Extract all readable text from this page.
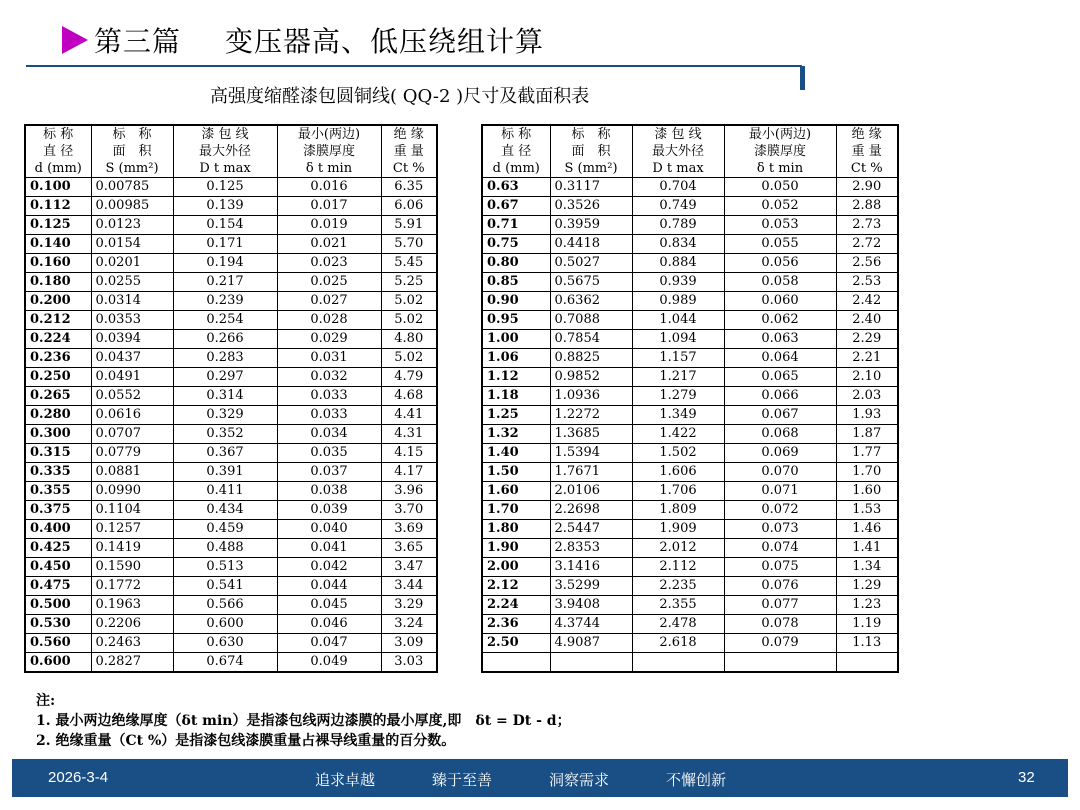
第三篇 变压器高、低压绕组计算
高强度缩醛漆包圆铜线( QQ-2 )尺寸及截面积表
标 称	标　称	漆 包 线	最小(两边)	绝 缘
直 径	面　积	最大外径	漆膜厚度	重 量
d (mm)	S (mm²)	D t max	δ t min	Ct %
0.100	0.00785	0.125	0.016	6.35
0.112	0.00985	0.139	0.017	6.06
0.125	0.0123	0.154	0.019	5.91
0.140	0.0154	0.171	0.021	5.70
0.160	0.0201	0.194	0.023	5.45
0.180	0.0255	0.217	0.025	5.25
0.200	0.0314	0.239	0.027	5.02
0.212	0.0353	0.254	0.028	5.02
0.224	0.0394	0.266	0.029	4.80
0.236	0.0437	0.283	0.031	5.02
0.250	0.0491	0.297	0.032	4.79
0.265	0.0552	0.314	0.033	4.68
0.280	0.0616	0.329	0.033	4.41
0.300	0.0707	0.352	0.034	4.31
0.315	0.0779	0.367	0.035	4.15
0.335	0.0881	0.391	0.037	4.17
0.355	0.0990	0.411	0.038	3.96
0.375	0.1104	0.434	0.039	3.70
0.400	0.1257	0.459	0.040	3.69
0.425	0.1419	0.488	0.041	3.65
0.450	0.1590	0.513	0.042	3.47
0.475	0.1772	0.541	0.044	3.44
0.500	0.1963	0.566	0.045	3.29
0.530	0.2206	0.600	0.046	3.24
0.560	0.2463	0.630	0.047	3.09
0.600	0.2827	0.674	0.049	3.03
标 称	标　称	漆 包 线	最小(两边)	绝 缘
直 径	面　积	最大外径	漆膜厚度	重 量
d (mm)	S (mm²)	D t max	δ t min	Ct %
0.63	0.3117	0.704	0.050	2.90
0.67	0.3526	0.749	0.052	2.88
0.71	0.3959	0.789	0.053	2.73
0.75	0.4418	0.834	0.055	2.72
0.80	0.5027	0.884	0.056	2.56
0.85	0.5675	0.939	0.058	2.53
0.90	0.6362	0.989	0.060	2.42
0.95	0.7088	1.044	0.062	2.40
1.00	0.7854	1.094	0.063	2.29
1.06	0.8825	1.157	0.064	2.21
1.12	0.9852	1.217	0.065	2.10
1.18	1.0936	1.279	0.066	2.03
1.25	1.2272	1.349	0.067	1.93
1.32	1.3685	1.422	0.068	1.87
1.40	1.5394	1.502	0.069	1.77
1.50	1.7671	1.606	0.070	1.70
1.60	2.0106	1.706	0.071	1.60
1.70	2.2698	1.809	0.072	1.53
1.80	2.5447	1.909	0.073	1.46
1.90	2.8353	2.012	0.074	1.41
2.00	3.1416	2.112	0.075	1.34
2.12	3.5299	2.235	0.076	1.29
2.24	3.9408	2.355	0.077	1.23
2.36	4.3744	2.478	0.078	1.19
2.50	4.9087	2.618	0.079	1.13

注:
1. 最小两边绝缘厚度（δt min）是指漆包线两边漆膜的最小厚度,即　δt = Dt - d；
2. 绝缘重量（Ct %）是指漆包线漆膜重量占裸导线重量的百分数。
2026-3-4	追求卓越	臻于至善	洞察需求	不懈创新	32
